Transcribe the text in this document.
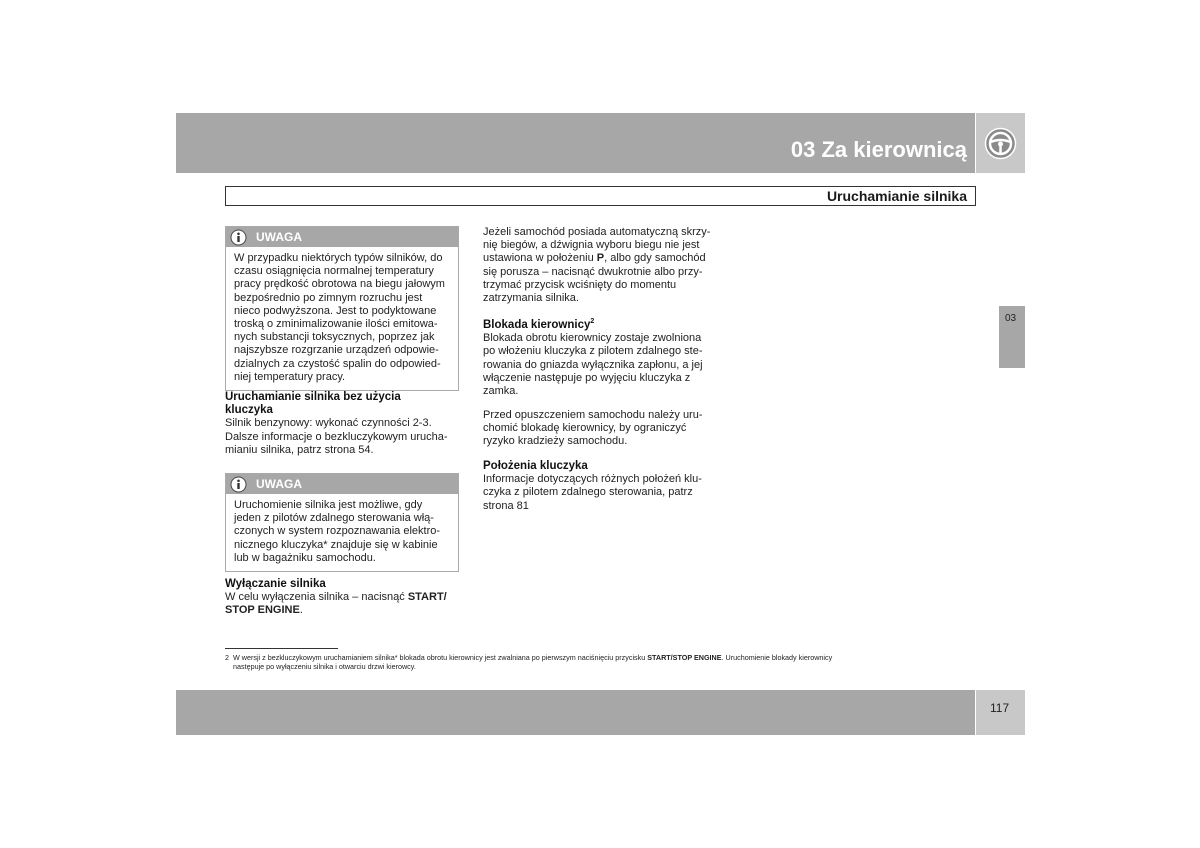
03 Za kierownicą
Uruchamianie silnika
03
UWAGA
W przypadku niektórych typów silników, do
czasu osiągnięcia normalnej temperatury
pracy prędkość obrotowa na biegu jałowym
bezpośrednio po zimnym rozruchu jest
nieco podwyższona. Jest to podyktowane
troską o zminimalizowanie ilości emitowa-
nych substancji toksycznych, poprzez jak
najszybsze rozgrzanie urządzeń odpowie-
dzialnych za czystość spalin do odpowied-
niej temperatury pracy.
Uruchamianie silnika bez użycia
kluczyka
Silnik benzynowy: wykonać czynności 2-3.
Dalsze informacje o bezkluczykowym urucha-
mianiu silnika, patrz strona 54.
UWAGA
Uruchomienie silnika jest możliwe, gdy
jeden z pilotów zdalnego sterowania włą-
czonych w system rozpoznawania elektro-
nicznego kluczyka* znajduje się w kabinie
lub w bagażniku samochodu.
Wyłączanie silnika
W celu wyłączenia silnika – nacisnąć START/
STOP ENGINE.
Jeżeli samochód posiada automatyczną skrzy-
nię biegów, a dźwignia wyboru biegu nie jest
ustawiona w położeniu P, albo gdy samochód
się porusza – nacisnąć dwukrotnie albo przy-
trzymać przycisk wciśnięty do momentu
zatrzymania silnika.
Blokada kierownicy$^2$
Blokada obrotu kierownicy zostaje zwolniona
po włożeniu kluczyka z pilotem zdalnego ste-
rowania do gniazda wyłącznika zapłonu, a jej
włączenie następuje po wyjęciu kluczyka z
zamka.
Przed opuszczeniem samochodu należy uru-
chomić blokadę kierownicy, by ograniczyć
ryzyko kradzieży samochodu.
Położenia kluczyka
Informacje dotyczących różnych położeń klu-
czyka z pilotem zdalnego sterowania, patrz
strona 81
2 W wersji z bezkluczykowym uruchamianiem silnika* blokada obrotu kierownicy jest zwalniana po pierwszym naciśnięciu przycisku START/STOP ENGINE. Uruchomienie blokady kierownicy
następuje po wyłączeniu silnika i otwarciu drzwi kierowcy.
117
